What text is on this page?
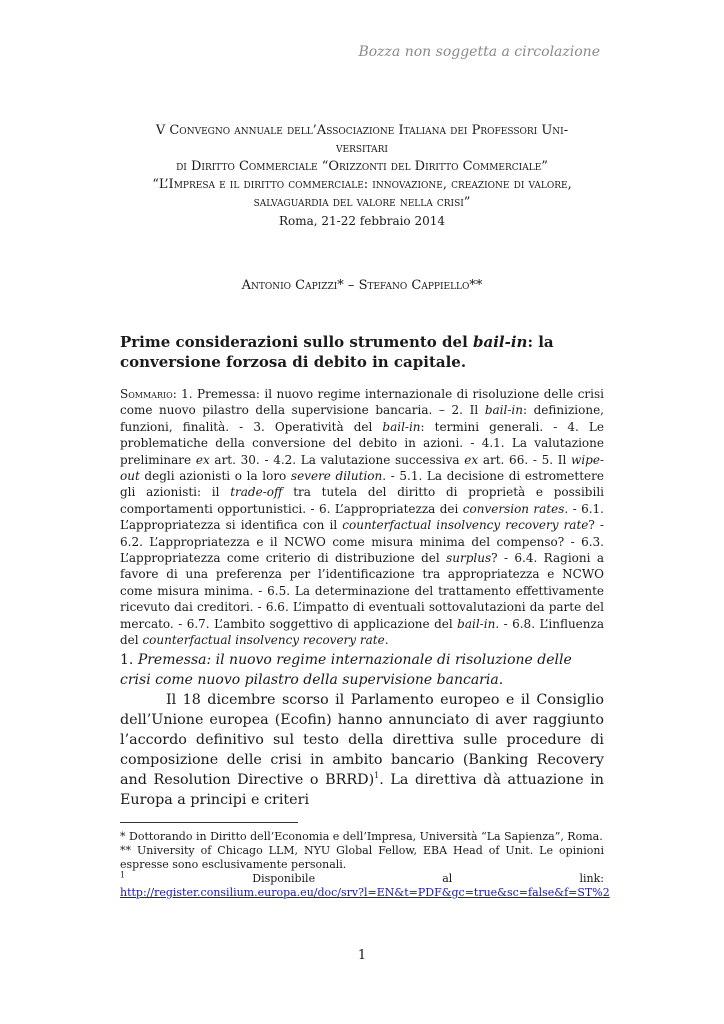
Bozza non soggetta a circolazione
V Convegno annuale dell’Associazione Italiana dei Professori Uni-
versitari
di Diritto Commerciale “Orizzonti del Diritto Commerciale”
“L’Impresa e il diritto commerciale: innovazione, creazione di valore,
salvaguardia del valore nella crisi”
Roma, 21-22 febbraio 2014
Antonio Capizzi* – Stefano Cappiello**
Prime considerazioni sullo strumento del bail-in: la conversione forzosa di debito in capitale.
Sommario: 1. Premessa: il nuovo regime internazionale di risoluzione delle crisi come nuovo pilastro della supervisione bancaria. – 2. Il bail-in: definizione, funzioni, finalità. - 3. Operatività del bail-in: termini generali. - 4. Le problematiche della conversione del debito in azioni. - 4.1. La valutazione preliminare ex art. 30. - 4.2. La valutazione successiva ex art. 66. - 5. Il wipe-out degli azionisti o la loro severe dilution. - 5.1. La decisione di estromettere gli azionisti: il trade-off tra tutela del diritto di proprietà e possibili comportamenti opportunistici. - 6. L’appropriatezza dei conversion rates. - 6.1. L’appropriatezza si identifica con il counterfactual insolvency recovery rate? - 6.2. L’appropriatezza e il NCWO come misura minima del compenso? - 6.3. L’appropriatezza come criterio di distribuzione del surplus? - 6.4. Ragioni a favore di una preferenza per l’identificazione tra appropriatezza e NCWO come misura minima. - 6.5. La determinazione del trattamento effettivamente ricevuto dai creditori. - 6.6. L’impatto di eventuali sottovalutazioni da parte del mercato. - 6.7. L’ambito soggettivo di applicazione del bail-in. - 6.8. L’influenza del counterfactual insolvency recovery rate.
1. Premessa: il nuovo regime internazionale di risoluzione delle crisi come nuovo pilastro della supervisione bancaria.
Il 18 dicembre scorso il Parlamento europeo e il Consiglio dell’Unione europea (Ecofin) hanno annunciato di aver raggiunto l’accordo definitivo sul testo della direttiva sulle procedure di composizione delle crisi in ambito bancario (Banking Recovery and Resolution Directive o BRRD)$^1$. La direttiva dà attuazione in Europa a principi e criteri

* Dottorando in Diritto dell’Economia e dell’Impresa, Università “La Sapienza”, Roma.

** University of Chicago LLM, NYU Global Fellow, EBA Head of Unit. Le opinioni espresse sono esclusivamente personali.

$^1$	Disponibile	al	link:
http://register.consilium.europa.eu/doc/srv?l=EN&t=PDF&gc=true&sc=false&f=ST%2
1
